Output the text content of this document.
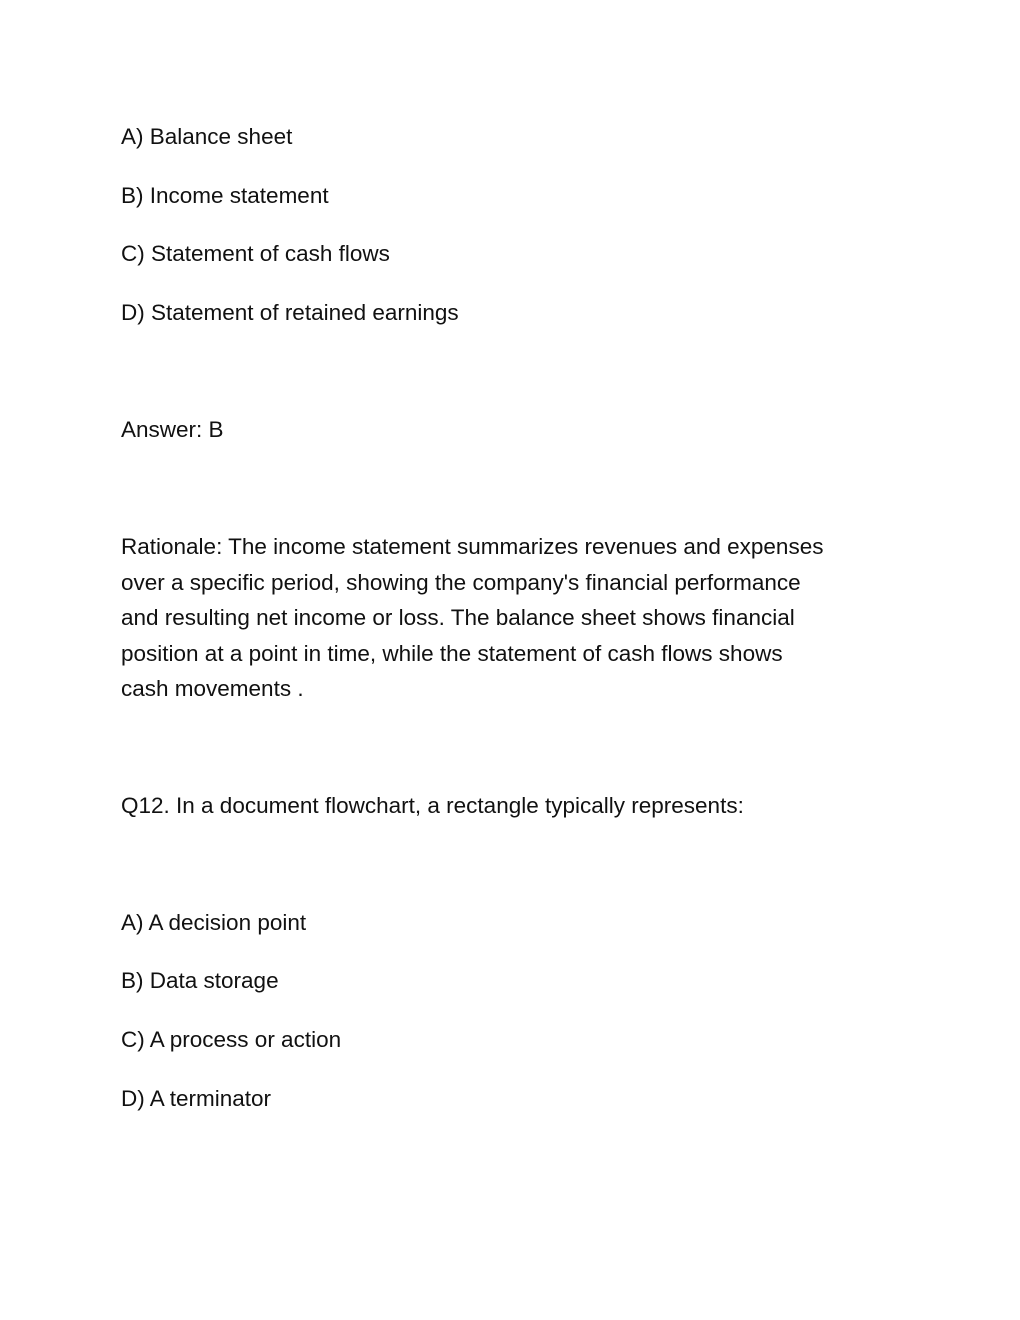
A) Balance sheet

B) Income statement

C) Statement of cash flows

D) Statement of retained earnings

Answer: B

Rationale: The income statement summarizes revenues and expenses
over a specific period, showing the company's financial performance
and resulting net income or loss. The balance sheet shows financial
position at a point in time, while the statement of cash flows shows
cash movements .

Q12. In a document flowchart, a rectangle typically represents:

A) A decision point

B) Data storage

C) A process or action

D) A terminator
